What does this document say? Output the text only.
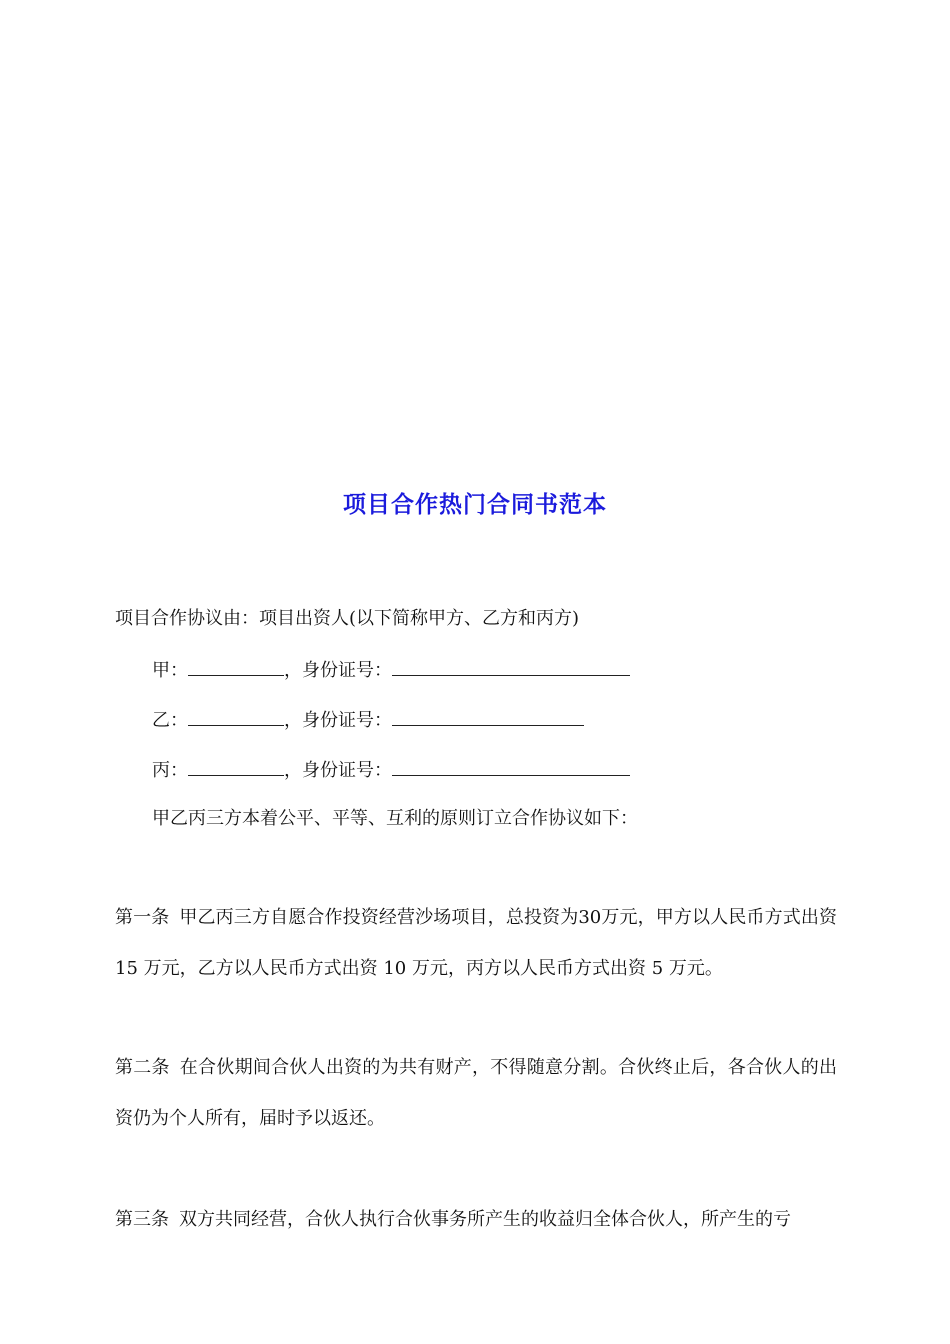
项目合作热门合同书范本
项目合作协议由：项目出资人(以下简称甲方、乙方和丙方)
甲：	，身份证号：
乙：	，身份证号：
丙：	，身份证号：
甲乙丙三方本着公平、平等、互利的原则订立合作协议如下：
第一条 甲乙丙三方自愿合作投资经营沙场项目，总投资为30万元，甲方以人民币方式出资 15 万元，乙方以人民币方式出资 10 万元，丙方以人民币方式出资 5 万元。
第二条 在合伙期间合伙人出资的为共有财产，不得随意分割。合伙终止后，各合伙人的出资仍为个人所有，届时予以返还。
第三条 双方共同经营，合伙人执行合伙事务所产生的收益归全体合伙人，所产生的亏
